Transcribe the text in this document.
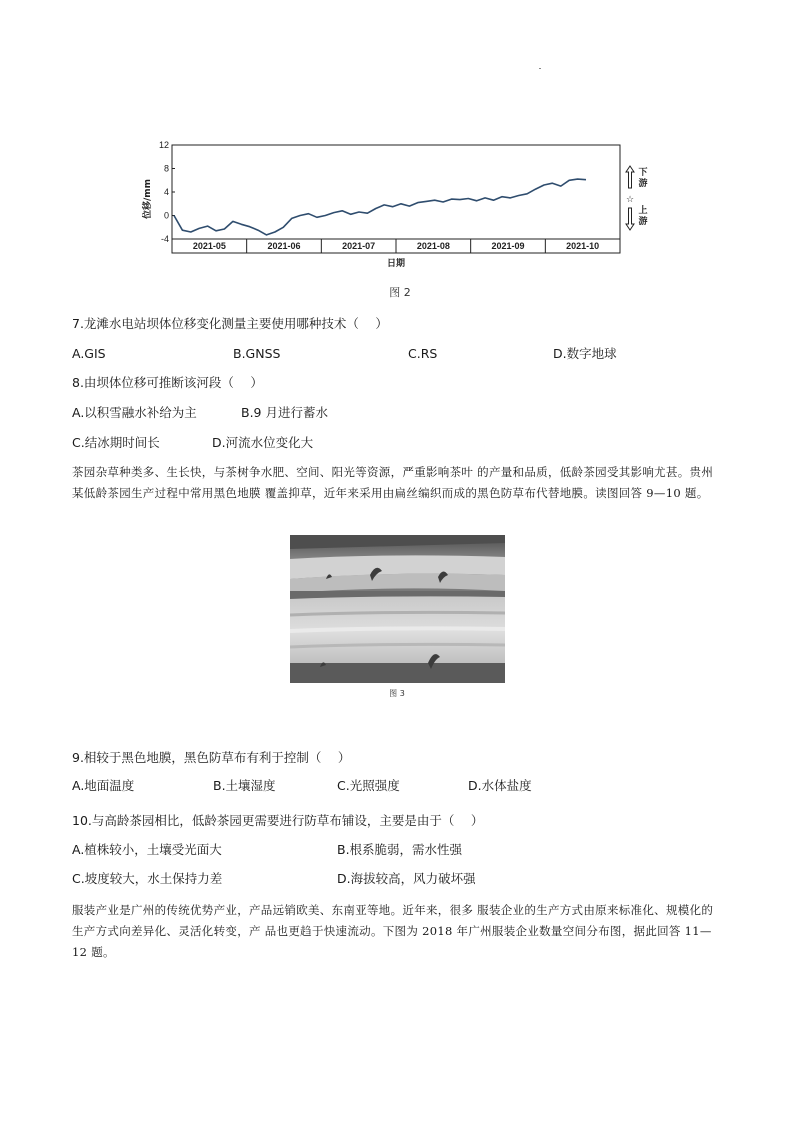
-4
0
4
8
12
2021-05	2021-06	2021-07	2021-08	2021-09	2021-10
位移/mm
日期
☆
下
游
上
游
图 2
7.龙滩水电站坝体位移变化测量主要使用哪种技术（　 ）
A.GIS	B.GNSS	C.RS	D.数字地球
8.由坝体位移可推断该河段（　 ）
A.以积雪融水补给为主	B.9 月进行蓄水
C.结冰期时间长	D.河流水位变化大
茶园杂草种类多、生长快，与茶树争水肥、空间、阳光等资源，严重影响茶叶 的产量和品质，低龄茶园受其影响尤甚。贵州某低龄茶园生产过程中常用黑色地膜 覆盖抑草，近年来采用由扁丝编织而成的黑色防草布代替地膜。读图回答 9—10 题。
图 3
9.相较于黑色地膜，黑色防草布有利于控制（　 ）
A.地面温度	B.土壤湿度	C.光照强度	D.水体盐度
10.与高龄茶园相比，低龄茶园更需要进行防草布铺设，主要是由于（　 ）
A.植株较小，土壤受光面大	B.根系脆弱，需水性强
C.坡度较大，水土保持力差	D.海拔较高，风力破坏强
服装产业是广州的传统优势产业，产品远销欧美、东南亚等地。近年来，很多 服装企业的生产方式由原来标准化、规模化的生产方式向差异化、灵活化转变，产 品也更趋于快速流动。下图为 2018 年广州服装企业数量空间分布图，据此回答 11— 12 题。
